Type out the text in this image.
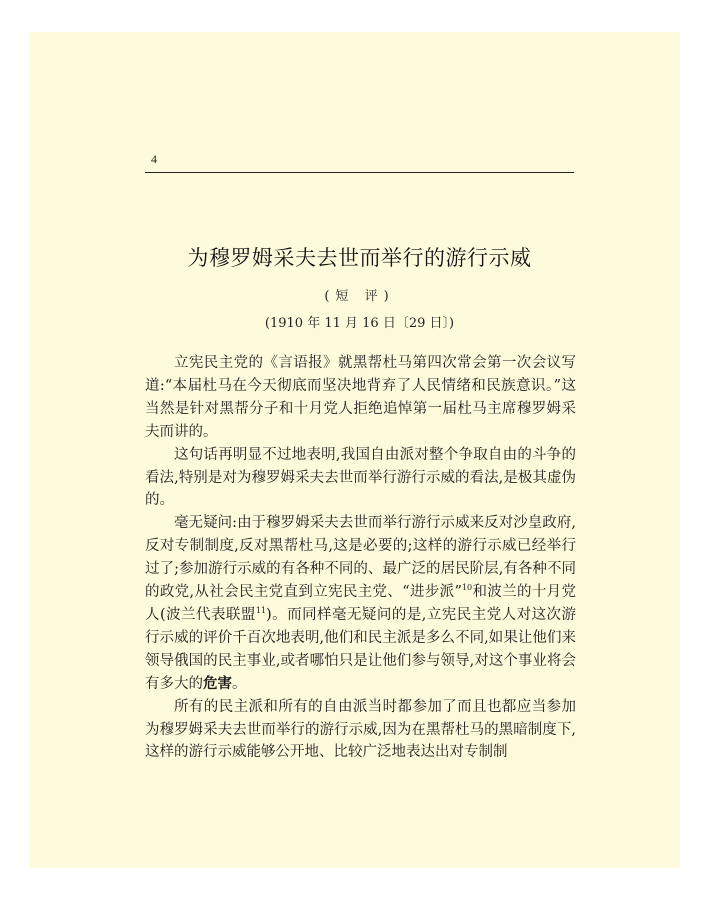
4
为穆罗姆采夫去世而举行的游行示威
(短 评)
(1910 年 11 月 16 日〔29 日〕)

立宪民主党的《言语报》就黑帮杜马第四次常会第一次会议写道:“本届杜马在今天彻底而坚决地背弃了人民情绪和民族意识。”这当然是针对黑帮分子和十月党人拒绝追悼第一届杜马主席穆罗姆采夫而讲的。

这句话再明显不过地表明,我国自由派对整个争取自由的斗争的看法,特别是对为穆罗姆采夫去世而举行游行示威的看法,是极其虚伪的。

毫无疑问:由于穆罗姆采夫去世而举行游行示威来反对沙皇政府,反对专制制度,反对黑帮杜马,这是必要的;这样的游行示威已经举行过了;参加游行示威的有各种不同的、最广泛的居民阶层,有各种不同的政党,从社会民主党直到立宪民主党、“进步派”$^{10}$和波兰的十月党人(波兰代表联盟$^{11}$)。而同样毫无疑问的是,立宪民主党人对这次游行示威的评价千百次地表明,他们和民主派是多么不同,如果让他们来领导俄国的民主事业,或者哪怕只是让他们参与领导,对这个事业将会有多大的危害。

所有的民主派和所有的自由派当时都参加了而且也都应当参加为穆罗姆采夫去世而举行的游行示威,因为在黑帮杜马的黑暗制度下,这样的游行示威能够公开地、比较广泛地表达出对专制制
